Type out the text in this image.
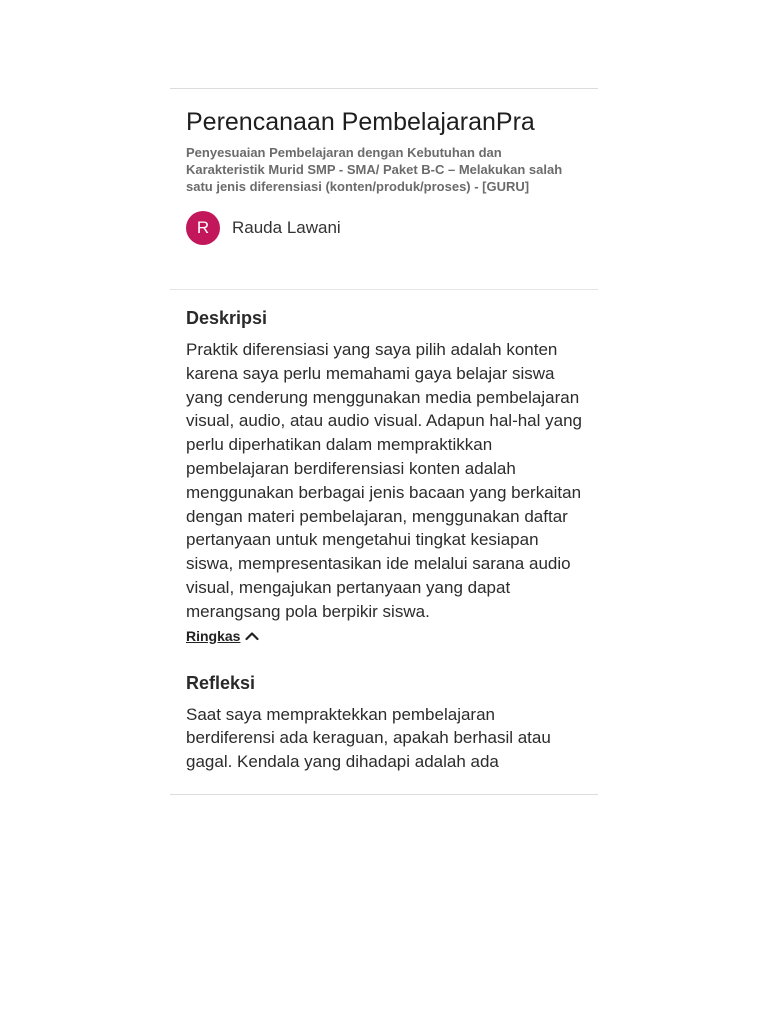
Perencanaan PembelajaranPra
Penyesuaian Pembelajaran dengan Kebutuhan dan Karakteristik Murid SMP - SMA/ Paket B-C – Melakukan salah satu jenis diferensiasi (konten/produk/proses) - [GURU]
R	Rauda Lawani
Deskripsi

Praktik diferensiasi yang saya pilih adalah konten karena saya perlu memahami gaya belajar siswa yang cenderung menggunakan media pembelajaran visual, audio, atau audio visual. Adapun hal-hal yang perlu diperhatikan dalam mempraktikkan pembelajaran berdiferensiasi konten adalah menggunakan berbagai jenis bacaan yang berkaitan dengan materi pembelajaran, menggunakan daftar pertanyaan untuk mengetahui tingkat kesiapan siswa, mempresentasikan ide melalui sarana audio visual, mengajukan pertanyaan yang dapat merangsang pola berpikir siswa.

Ringkas
Refleksi

Saat saya mempraktekkan pembelajaran berdiferensi ada keraguan, apakah berhasil atau gagal. Kendala yang dihadapi adalah ada
